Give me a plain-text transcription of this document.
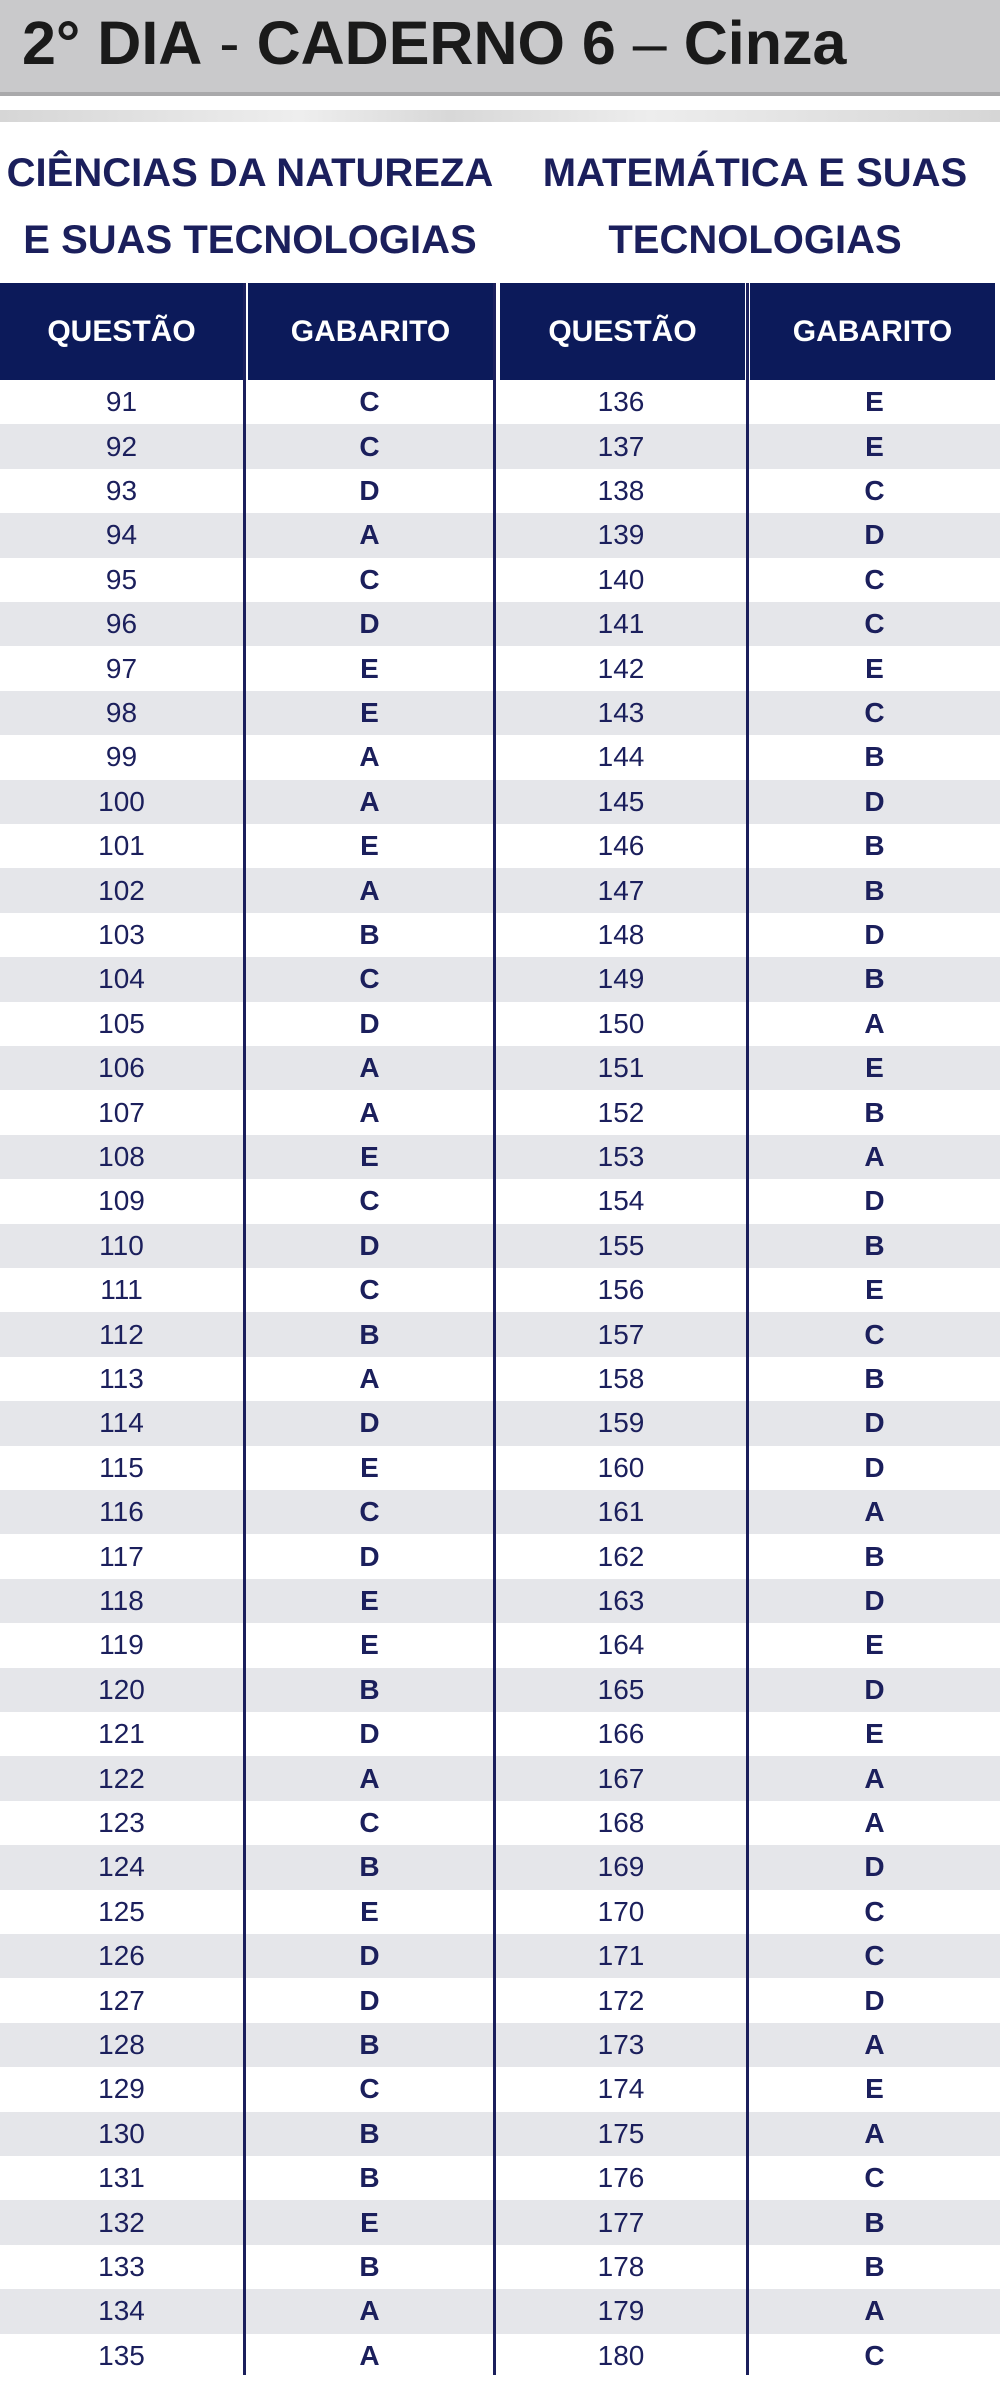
2° DIA - CADERNO 6 – Cinza
CIÊNCIAS DA NATUREZA
E SUAS TECNOLOGIAS
MATEMÁTICA E SUAS
TECNOLOGIAS
QUESTÃO	GABARITO	QUESTÃO	GABARITO
91	C	136	E
92	C	137	E
93	D	138	C
94	A	139	D
95	C	140	C
96	D	141	C
97	E	142	E
98	E	143	C
99	A	144	B
100	A	145	D
101	E	146	B
102	A	147	B
103	B	148	D
104	C	149	B
105	D	150	A
106	A	151	E
107	A	152	B
108	E	153	A
109	C	154	D
110	D	155	B
111	C	156	E
112	B	157	C
113	A	158	B
114	D	159	D
115	E	160	D
116	C	161	A
117	D	162	B
118	E	163	D
119	E	164	E
120	B	165	D
121	D	166	E
122	A	167	A
123	C	168	A
124	B	169	D
125	E	170	C
126	D	171	C
127	D	172	D
128	B	173	A
129	C	174	E
130	B	175	A
131	B	176	C
132	E	177	B
133	B	178	B
134	A	179	A
135	A	180	C
